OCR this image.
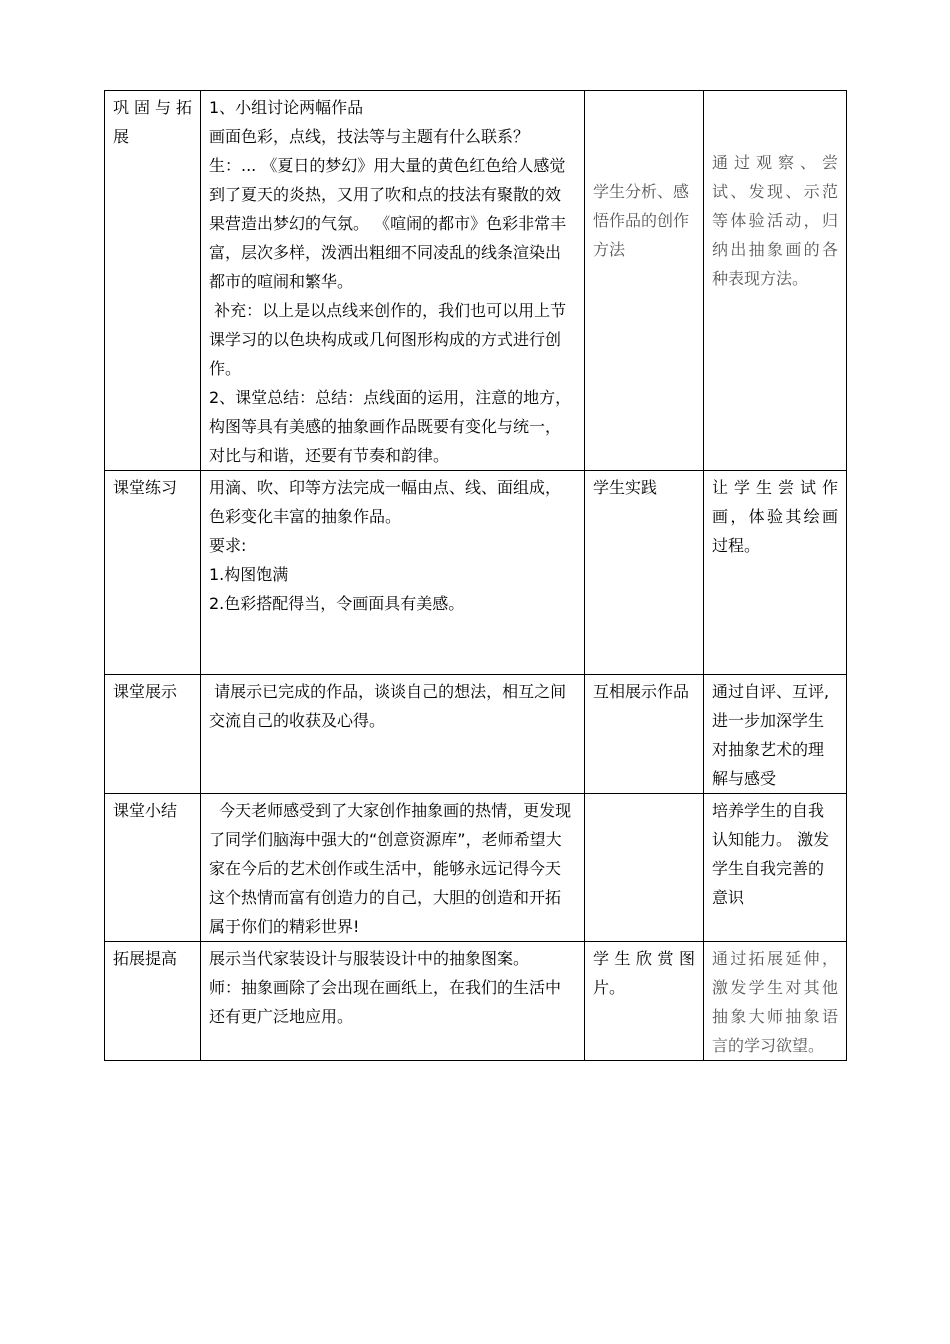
巩固与拓展	1、小组讨论两幅作品

画面色彩，点线，技法等与主题有什么联系？

生：... 《夏日的梦幻》用大量的黄色红色给人感觉到了夏天的炎热，又用了吹和点的技法有聚散的效果营造出梦幻的气氛。 《喧闹的都市》色彩非常丰富，层次多样，泼洒出粗细不同凌乱的线条渲染出都市的喧闹和繁华。

补充：以上是以点线来创作的，我们也可以用上节课学习的以色块构成或几何图形构成的方式进行创作。

2、课堂总结：总结：点线面的运用，注意的地方，构图等具有美感的抽象画作品既要有变化与统一，对比与和谐，还要有节奏和韵律。	学生分析、感悟作品的创作方法	通过观察、尝试、发现、示范等体验活动，归纳出抽象画的各种表现方法。

课堂练习	用滴、吹、印等方法完成一幅由点、线、面组成，色彩变化丰富的抽象作品。

要求:

1.构图饱满

2.色彩搭配得当，令画面具有美感。	学生实践	让学生尝试作画，体验其绘画过程。

课堂展示	请展示已完成的作品，谈谈自己的想法，相互之间交流自己的收获及心得。	互相展示作品	通过自评、互评,进一步加深学生对抽象艺术的理解与感受

课堂小结	今天老师感受到了大家创作抽象画的热情，更发现了同学们脑海中强大的“创意资源库”，老师希望大家在今后的艺术创作或生活中，能够永远记得今天这个热情而富有创造力的自己，大胆的创造和开拓属于你们的精彩世界!		培养学生的自我认知能力。 激发学生自我完善的意识

拓展提高	展示当代家装设计与服装设计中的抽象图案。

师：抽象画除了会出现在画纸上，在我们的生活中还有更广泛地应用。	学生欣赏图片。	通过拓展延伸，激发学生对其他抽象大师抽象语言的学习欲望。
